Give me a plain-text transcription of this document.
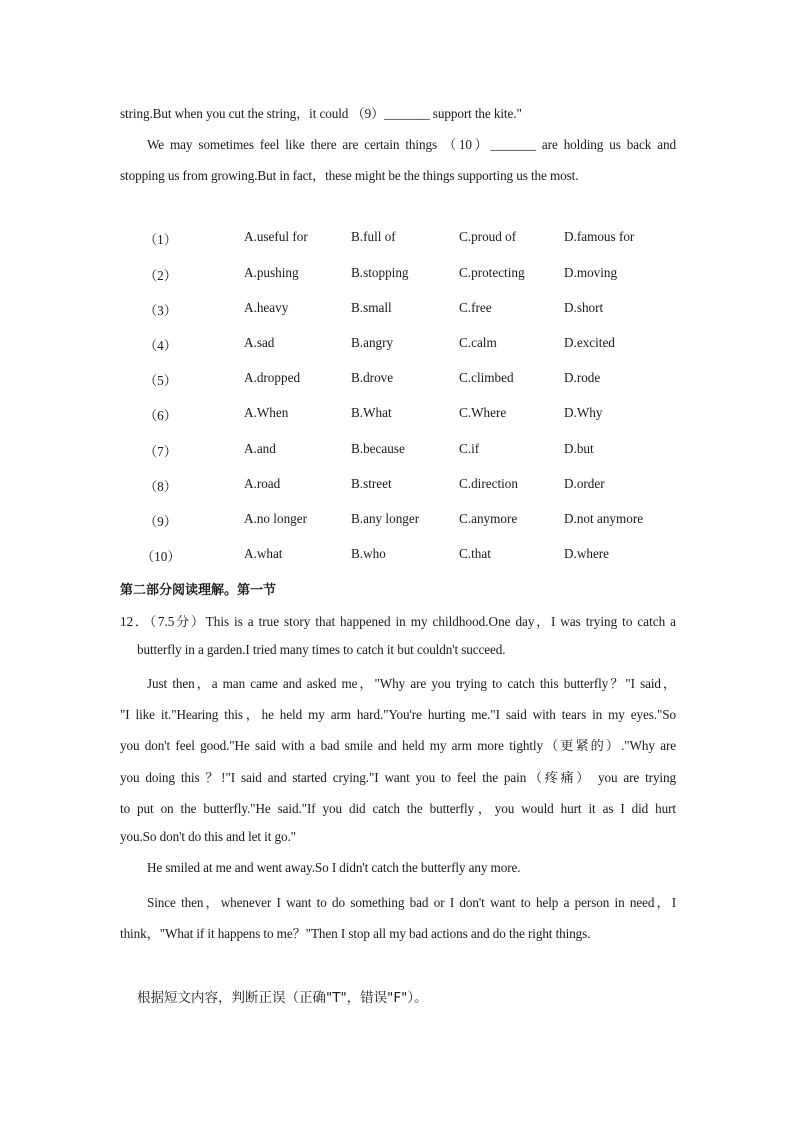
string.But when you cut the string，it could （9）_______ support the kite."
We may sometimes feel like there are certain things （10）_______ are holding us back and
stopping us from growing.But in fact，these might be the things supporting us the most.
（1）	A.useful for	B.full of	C.proud of	D.famous for
（2）	A.pushing	B.stopping	C.protecting	D.moving
（3）	A.heavy	B.small	C.free	D.short
（4）	A.sad	B.angry	C.calm	D.excited
（5）	A.dropped	B.drove	C.climbed	D.rode
（6）	A.When	B.What	C.Where	D.Why
（7）	A.and	B.because	C.if	D.but
（8）	A.road	B.street	C.direction	D.order
（9）	A.no longer	B.any longer	C.anymore	D.not anymore
（10）	A.what	B.who	C.that	D.where
第二部分阅读理解。第一节
12．（7.5分）This is a true story that happened in my childhood.One day，I was trying to catch a
butterfly in a garden.I tried many times to catch it but couldn't succeed.
Just then，a man came and asked me，"Why are you trying to catch this butterfly？"I said，
"I like it."Hearing this，he held my arm hard."You're hurting me."I said with tears in my eyes."So
you don't feel good."He said with a bad smile and held my arm more tightly（更紧的）."Why are
you doing this ？!"I said and started crying."I want you to feel the pain（疼痛） you are trying
to put on the butterfly."He said."If you did catch the butterfly，you would hurt it as I did hurt
you.So don't do this and let it go."
He smiled at me and went away.So I didn't catch the butterfly any more.
Since then，whenever I want to do something bad or I don't want to help a person in need，I
think，"What if it happens to me？"Then I stop all my bad actions and do the right things.
根据短文内容，判断正误（正确"T"，错误"F"）。
